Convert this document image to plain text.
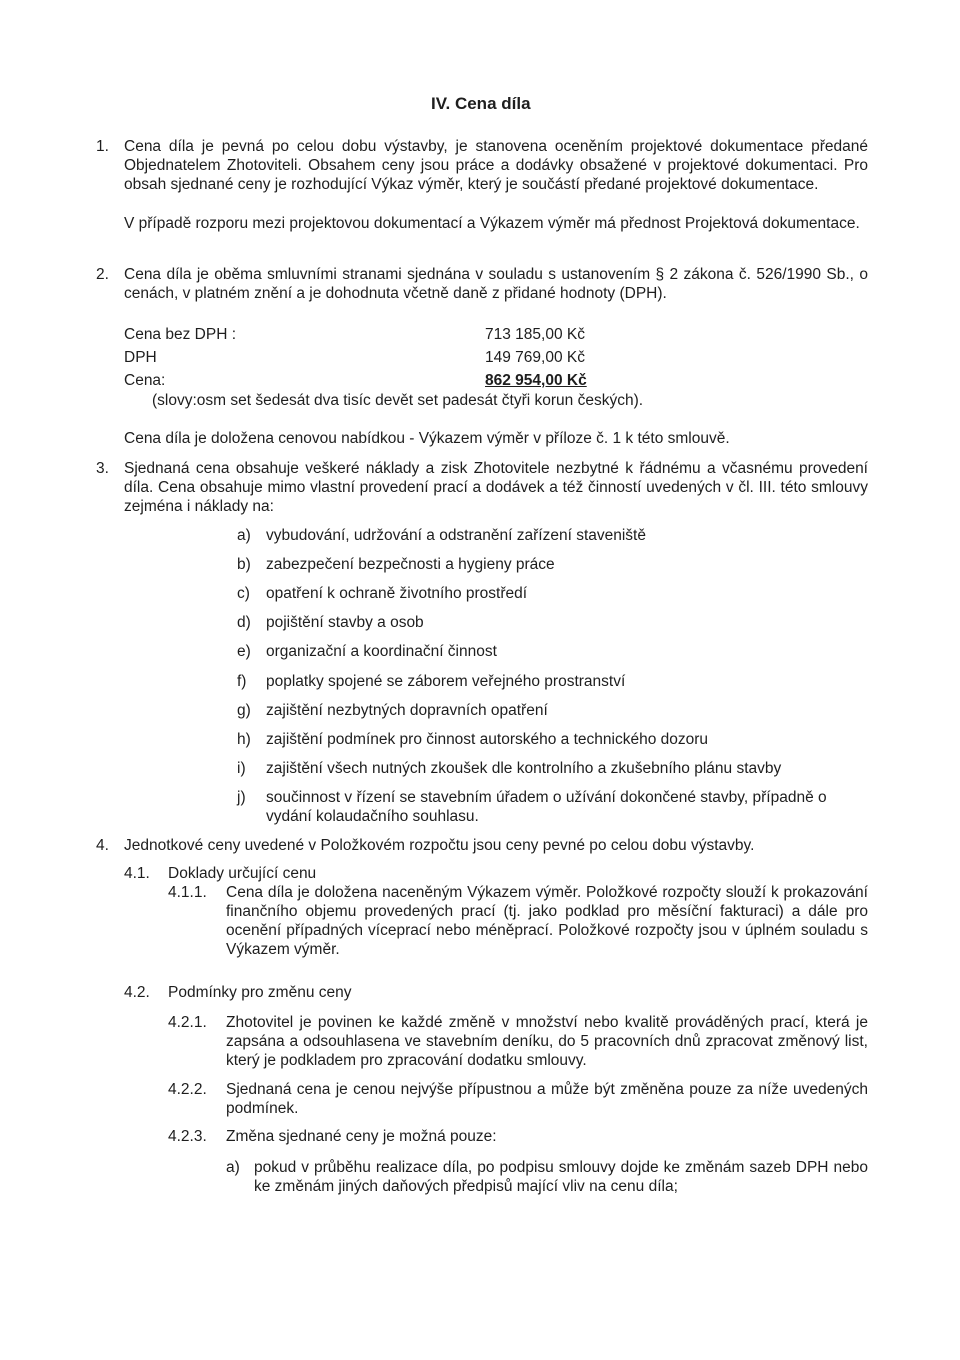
IV. Cena díla
1. Cena díla je pevná po celou dobu výstavby, je stanovena oceněním projektové dokumentace předané Objednatelem Zhotoviteli. Obsahem ceny jsou práce a dodávky obsažené v projektové dokumentaci. Pro obsah sjednané ceny je rozhodující Výkaz výměr, který je součástí předané projektové dokumentace.
V případě rozporu mezi projektovou dokumentací a Výkazem výměr má přednost Projektová dokumentace.
2. Cena díla je oběma smluvními stranami sjednána v souladu s ustanovením § 2 zákona č. 526/1990 Sb., o cenách, v platném znění a je dohodnuta včetně daně z přidané hodnoty (DPH).
Cena bez DPH :	713 185,00 Kč
DPH	149 769,00 Kč
Cena:	862 954,00 Kč
(slovy:osm set šedesát dva tisíc devět set padesát čtyři korun českých).
Cena díla je doložena cenovou nabídkou - Výkazem výměr v příloze č. 1 k této smlouvě.
3. Sjednaná cena obsahuje veškeré náklady a zisk Zhotovitele nezbytné k řádnému a včasnému provedení díla. Cena obsahuje mimo vlastní provedení prací a dodávek a též činností uvedených v čl. III. této smlouvy zejména i náklady na:
a) vybudování, udržování a odstranění zařízení staveniště
b) zabezpečení bezpečnosti a hygieny práce
c)	opatření k ochraně životního prostředí
d) pojištění stavby a osob
e) organizační a koordinační činnost
f)	poplatky spojené se záborem veřejného prostranství
g) zajištění nezbytných dopravních opatření
h) zajištění podmínek pro činnost autorského a technického dozoru
i)	zajištění všech nutných zkoušek dle kontrolního a zkušebního plánu stavby
j)	součinnost v řízení se stavebním úřadem o užívání dokončené stavby, případně o vydání kolaudačního souhlasu.
4. Jednotkové ceny uvedené v Položkovém rozpočtu jsou ceny pevné po celou dobu výstavby.
4.1. Doklady určující cenu
4.1.1. Cena díla je doložena naceněným Výkazem výměr. Položkové rozpočty slouží k prokazování finančního objemu provedených prací (tj. jako podklad pro měsíční fakturaci) a dále pro ocenění případných víceprací nebo méněprací. Položkové rozpočty jsou v úplném souladu s Výkazem výměr.
4.2. Podmínky pro změnu ceny
4.2.1. Zhotovitel je povinen ke každé změně v množství nebo kvalitě prováděných prací, která je zapsána a odsouhlasena ve stavebním deníku, do 5 pracovních dnů zpracovat změnový list, který je podkladem pro zpracování dodatku smlouvy.
4.2.2. Sjednaná cena je cenou nejvýše přípustnou a může být změněna pouze za níže uvedených podmínek.
4.2.3. Změna sjednané ceny je možná pouze:
a) pokud v průběhu realizace díla, po podpisu smlouvy dojde ke změnám sazeb DPH nebo ke změnám jiných daňových předpisů mající vliv na cenu díla;
